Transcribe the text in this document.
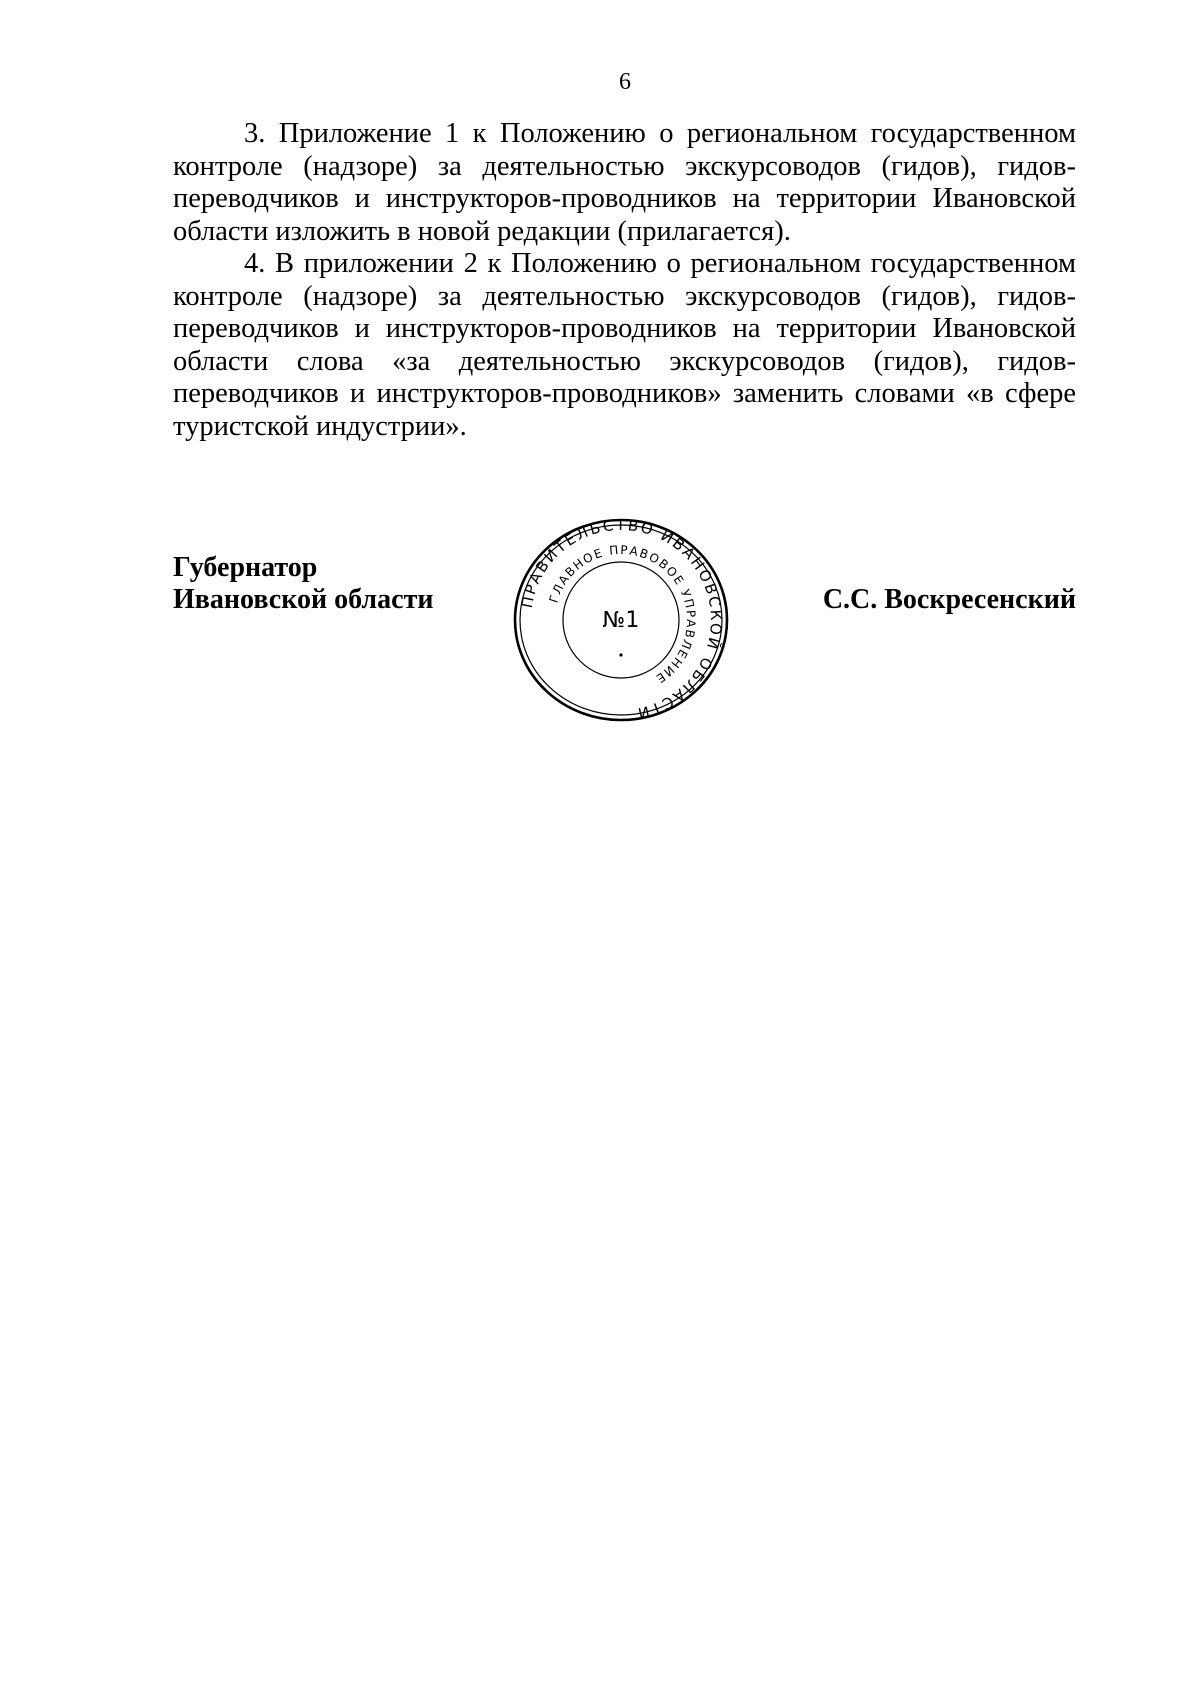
6

3. Приложение 1 к Положению о региональном государственном контроле (надзоре) за деятельностью экскурсоводов (гидов), гидов-переводчиков и инструкторов-проводников на территории Ивановской области изложить в новой редакции (прилагается).

4. В приложении 2 к Положению о региональном государственном контроле (надзоре) за деятельностью экскурсоводов (гидов), гидов-переводчиков и инструкторов-проводников на территории Ивановской области слова «за деятельностью экскурсоводов (гидов), гидов-переводчиков и инструкторов-проводников» заменить словами «в сфере туристской индустрии».

Губернатор
Ивановской области	С.С. Воскресенский
ПРАВИТЕЛЬСТВО ИВАНОВСКОЙ ОБЛАСТИ
ГЛАВНОЕ ПРАВОВОЕ УПРАВЛЕНИЕ
№1
